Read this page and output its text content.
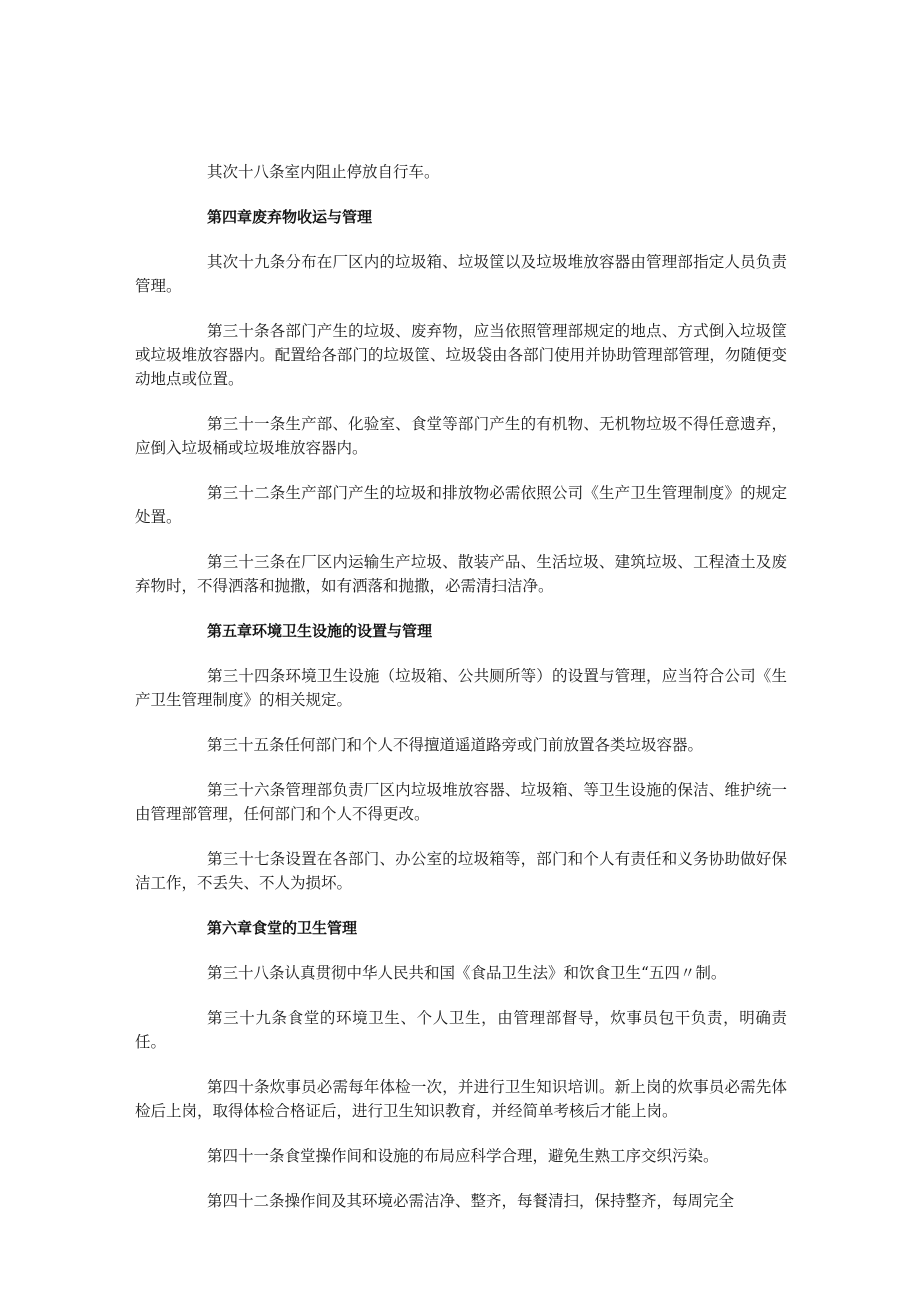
其次十八条室内阻止停放自行车。

第四章废弃物收运与管理

其次十九条分布在厂区内的垃圾箱、垃圾筐以及垃圾堆放容器由管理部指定人员负责管理。

第三十条各部门产生的垃圾、废弃物，应当依照管理部规定的地点、方式倒入垃圾筐或垃圾堆放容器内。配置给各部门的垃圾筐、垃圾袋由各部门使用并协助管理部管理，勿随便变动地点或位置。

第三十一条生产部、化验室、食堂等部门产生的有机物、无机物垃圾不得任意遗弃，应倒入垃圾桶或垃圾堆放容器内。

第三十二条生产部门产生的垃圾和排放物必需依照公司《生产卫生管理制度》的规定处置。

第三十三条在厂区内运输生产垃圾、散装产品、生活垃圾、建筑垃圾、工程渣土及废弃物时，不得洒落和抛撒，如有洒落和抛撒，必需清扫洁净。

第五章环境卫生设施的设置与管理

第三十四条环境卫生设施（垃圾箱、公共厕所等）的设置与管理，应当符合公司《生产卫生管理制度》的相关规定。

第三十五条任何部门和个人不得擅道遥道路旁或门前放置各类垃圾容器。

第三十六条管理部负责厂区内垃圾堆放容器、垃圾箱、等卫生设施的保洁、维护统一由管理部管理，任何部门和个人不得更改。

第三十七条设置在各部门、办公室的垃圾箱等，部门和个人有责任和义务协助做好保洁工作，不丢失、不人为损坏。

第六章食堂的卫生管理

第三十八条认真贯彻中华人民共和国《食品卫生法》和饮食卫生“五四〃制。

第三十九条食堂的环境卫生、个人卫生，由管理部督导，炊事员包干负责，明确责任。

第四十条炊事员必需每年体检一次，并进行卫生知识培训。新上岗的炊事员必需先体检后上岗，取得体检合格证后，进行卫生知识教育，并经简单考核后才能上岗。

第四十一条食堂操作间和设施的布局应科学合理，避免生熟工序交织污染。

第四十二条操作间及其环境必需洁净、整齐，每餐清扫，保持整齐，每周完全
